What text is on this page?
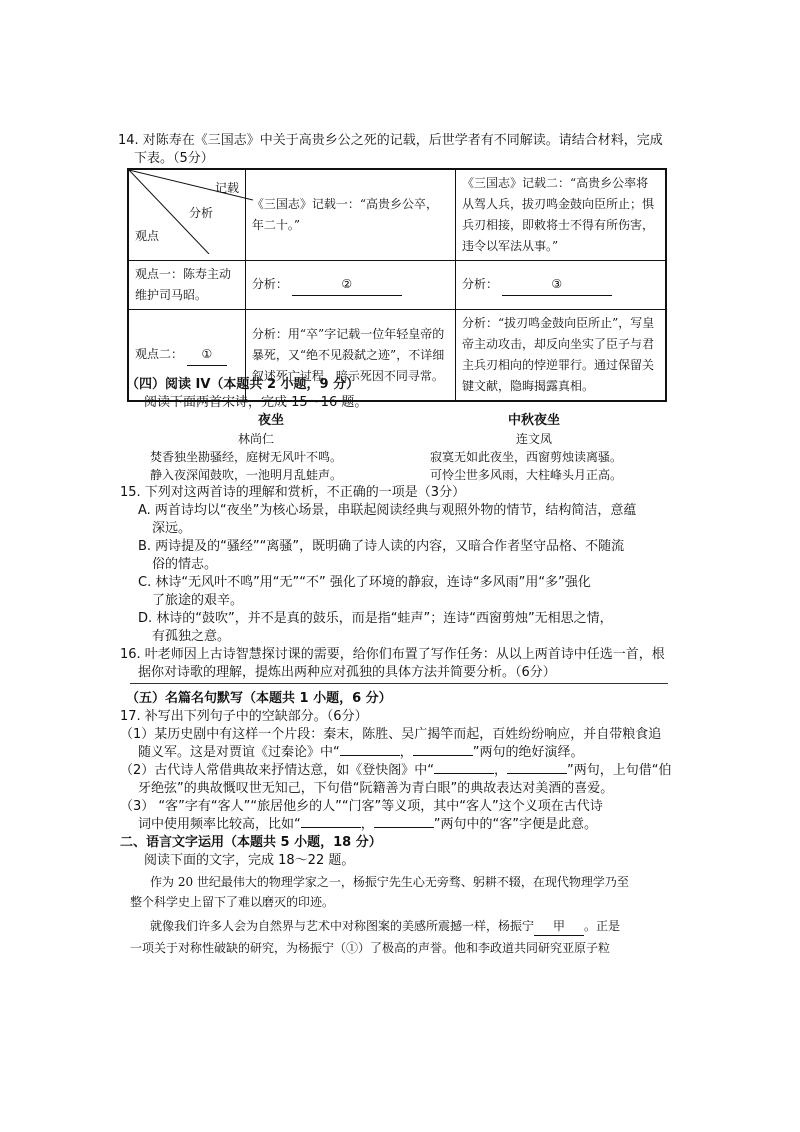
14. 对陈寿在《三国志》中关于高贵乡公之死的记载，后世学者有不同解读。请结合材料，完成
下表。（5分）
记载
分析
观点	《三国志》记载一：“高贵乡公卒，年二十。”	《三国志》记载二：“高贵乡公率将从驾人兵，拔刃鸣金鼓向臣所止；惧兵刃相接，即敕将士不得有所伤害，违令以军法从事。”
观点一：陈寿主动维护司马昭。	分析： ②	分析： ③
观点二： ①	分析：用“卒”字记载一位年轻皇帝的暴死，又“绝不见殺弑之迹”，不详细叙述死亡过程，暗示死因不同寻常。	分析：“拔刃鸣金鼓向臣所止”，写皇帝主动攻击，却反向坐实了臣子与君主兵刃相向的悖逆罪行。通过保留关键文献，隐晦揭露真相。
（四）阅读 IV（本题共 2 小题，9 分）
阅读下面两首宋诗，完成 15～16 题。
夜坐
林尚仁
焚香独坐勘骚经，庭树无风叶不鸣。
静入夜深闻鼓吹，一池明月乱蛙声。
中秋夜坐
连文凤
寂寞无如此夜坐，西窗剪烛读离骚。
可怜尘世多风雨，大柱峰头月正高。
15. 下列对这两首诗的理解和赏析，不正确的一项是（3分）
A. 两首诗均以“夜坐”为核心场景，串联起阅读经典与观照外物的情节，结构简洁，意蕴
深远。
B. 两诗提及的“骚经”“离骚”，既明确了诗人读的内容，又暗合作者坚守品格、不随流
俗的情志。
C. 林诗“无风叶不鸣”用“无”“不” 强化了环境的静寂，连诗“多风雨”用“多”强化
了旅途的艰辛。
D. 林诗的“鼓吹”，并不是真的鼓乐，而是指“蛙声”；连诗“西窗剪烛”无相思之情，
有孤独之意。
16. 叶老师因上古诗智慧探讨课的需要，给你们布置了写作任务：从以上两首诗中任选一首，根
据你对诗歌的理解，提炼出两种应对孤独的具体方法并简要分析。（6分）
（五）名篇名句默写（本题共 1 小题，6 分）
17. 补写出下列句子中的空缺部分。（6分）
（1）某历史剧中有这样一个片段：秦末，陈胜、吴广揭竿而起，百姓纷纷响应，并自带粮食追
随义军。这是对贾谊《过秦论》中“	，	”两句的绝好演绎。
（2）古代诗人常借典故来抒情达意，如《登快阁》中“	，	”两句，上句借“伯
牙绝弦”的典故慨叹世无知己，下句借“阮籍善为青白眼”的典故表达对美酒的喜爱。
（3） “客”字有“客人”“旅居他乡的人”“门客”等义项，其中“客人”这个义项在古代诗
词中使用频率比较高，比如“	，	”两句中的“客”字便是此意。
二、语言文字运用（本题共 5 小题，18 分）
阅读下面的文字，完成 18～22 题。
作为 20 世纪最伟大的物理学家之一，杨振宁先生心无旁骛、躬耕不辍，在现代物理学乃至
整个科学史上留下了难以磨灭的印迹。
就像我们许多人会为自然界与艺术中对称图案的美感所震撼一样，杨振宁 甲 。正是
一项关于对称性破缺的研究，为杨振宁（①）了极高的声誉。他和李政道共同研究亚原子粒
